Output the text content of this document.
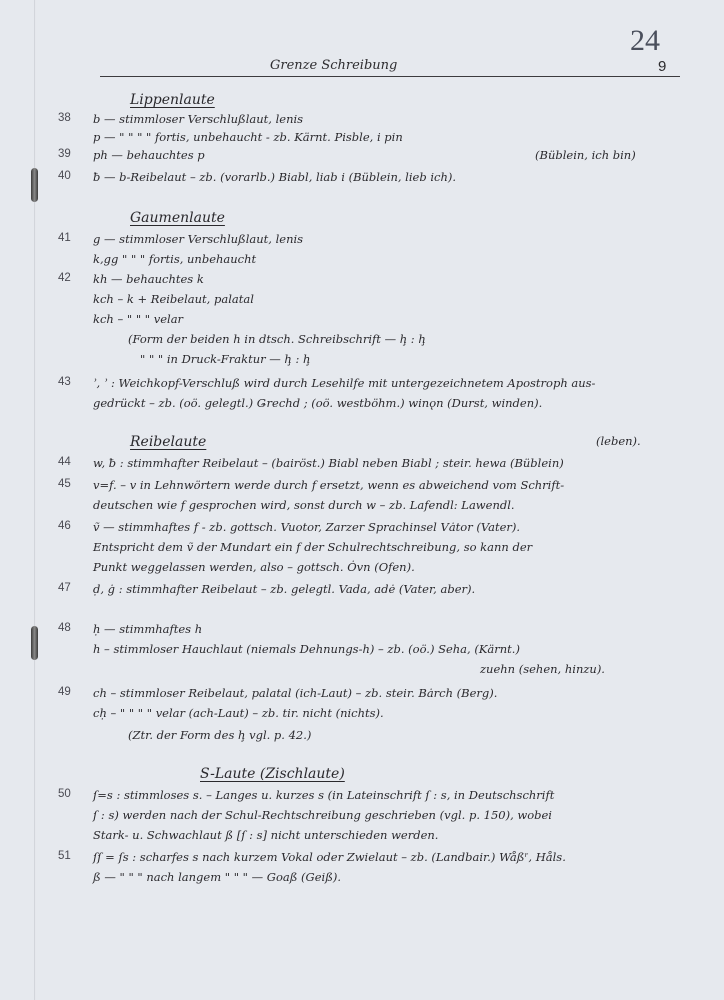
24
Grenze Schreibung	9
Lippenlaute
38	b — stimmloser Verschlußlaut, lenis
p — " " " " fortis, unbehaucht - zb. Kärnt. Pisble, i pin
39	ph — behauchtes p	(Büblein, ich bin)
40	ƀ — b-Reibelaut – zb. (vorarlb.) Biabl, liab i (Büblein, lieb ich).
Gaumenlaute
41	g — stimmloser Verschlußlaut, lenis
k,gg " " " fortis, unbehaucht
42	kh — behauchtes k
kch – k + Reibelaut, palatal
kch – " " " velar
(Form der beiden h in dtsch. Schreibschrift — ḩ : ḩ
" " " in Druck-Fraktur — ḩ : ḩ
43	ʾ, ʾ : Weichkopf-Verschluß wird durch Lesehilfe mit untergezeichnetem Apostroph aus-
gedrückt – zb. (oö. gelegtl.) Ǥrechd ; (oö. westböhm.) winǫn (Durst, winden).
Reibelaute	(leben).
44	w, ƀ : stimmhafter Reibelaut – (bairöst.) Biabl neben Biabl ; steir. hewa (Büblein)
45	v=f. – v in Lehnwörtern werde durch f ersetzt, wenn es abweichend vom Schrift-
deutschen wie f gesprochen wird, sonst durch w – zb. Lafendl: Lawendl.
46	ṽ — stimmhaftes f - zb. gottsch. Vuotor, Zarzer Sprachinsel Vȧtor (Vater).
Entspricht dem ṽ der Mundart ein f der Schulrechtschreibung, so kann der
Punkt weggelassen werden, also – gottsch. Ȯvn (Ofen).
47	ḍ, ġ : stimmhafter Reibelaut – zb. gelegtl. Vada, adė (Vater, aber).
48	ḥ — stimmhaftes h
h – stimmloser Hauchlaut (niemals Dehnungs-h) – zb. (oö.) Seha, (Kärnt.)
zuehn (sehen, hinzu).
49	ch – stimmloser Reibelaut, palatal (ich-Laut) – zb. steir. Bȧrch (Berg).
cḥ – " " " " velar (ach-Laut) – zb. tir. nicht (nichts).
(Ztr. der Form des ḩ vgl. p. 42.)
S-Laute (Zischlaute)
50	ſ=s : stimmloses s. – Langes u. kurzes s (in Lateinschrift ſ : s, in Deutschschrift
ſ : s) werden nach der Schul-Rechtschreibung geschrieben (vgl. p. 150), wobei
Stark- u. Schwachlaut ß [ſ : s] nicht unterschieden werden.
51	ſſ = ſs : scharfes s nach kurzem Vokal oder Zwielaut – zb. (Landbair.) Wåßʳ, Håls.
ß — " " " nach langem " " " — Goaß (Geiß).
